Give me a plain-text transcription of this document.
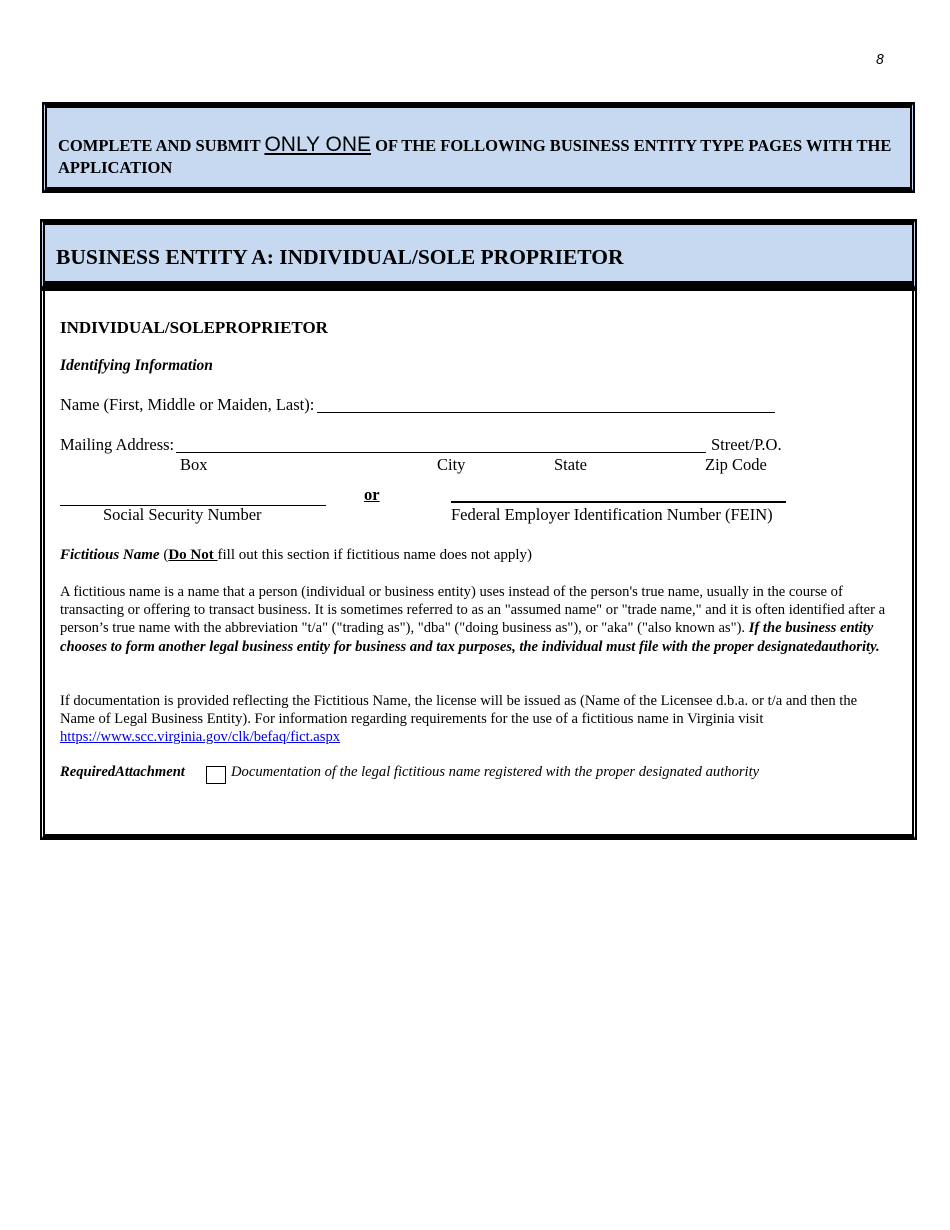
8
COMPLETE AND SUBMIT ONLY ONE OF THE FOLLOWING BUSINESS ENTITY TYPE PAGES WITH THE APPLICATION
BUSINESS ENTITY A: INDIVIDUAL/SOLE PROPRIETOR
INDIVIDUAL/SOLEPROPRIETOR
Identifying Information
Name (First, Middle or Maiden, Last):
Mailing Address:	Street/P.O.
Box	City	State	Zip Code
or
Social Security Number	Federal Employer Identification Number (FEIN)
Fictitious Name (Do Not fill out this section if fictitious name does not apply)
A fictitious name is a name that a person (individual or business entity) uses instead of the person's true name, usually in the course of transacting or offering to transact business. It is sometimes referred to as an "assumed name" or "trade name," and it is often identified after a person’s true name with the abbreviation "t/a" ("trading as"), "dba" ("doing business as"), or "aka" ("also known as"). If the business entity chooses to form another legal business entity for business and tax purposes, the individual must file with the proper designatedauthority.
If documentation is provided reflecting the Fictitious Name, the license will be issued as (Name of the Licensee d.b.a. or t/a and then the Name of Legal Business Entity). For information regarding requirements for the use of a fictitious name in Virginia visit https://www.scc.virginia.gov/clk/befaq/fict.aspx
RequiredAttachment	Documentation of the legal fictitious name registered with the proper designated authority
